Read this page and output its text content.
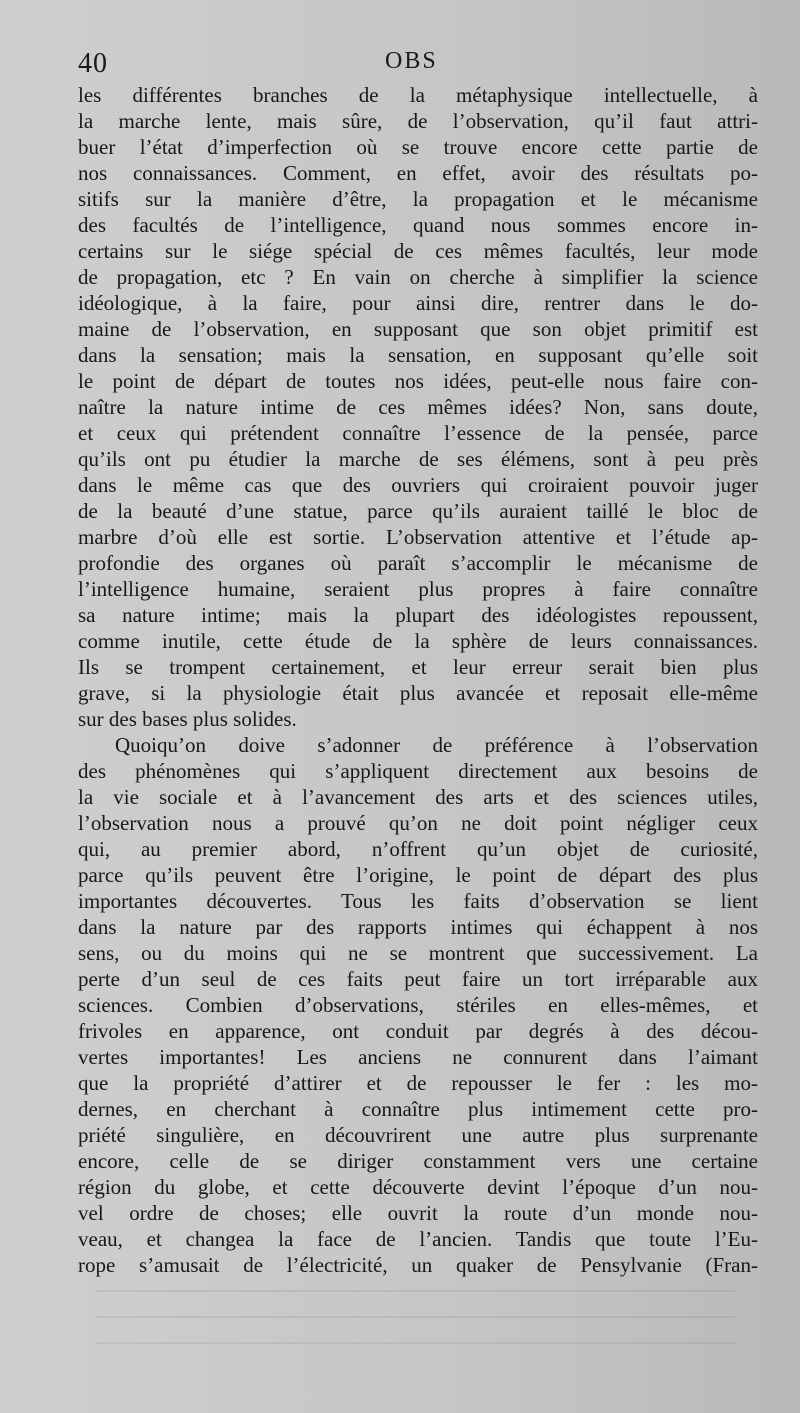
40	OBS
les différentes branches de la métaphysique intellectuelle, à
la marche lente, mais sûre, de l’observation, qu’il faut attri-
buer l’état d’imperfection où se trouve encore cette partie de
nos connaissances. Comment, en effet, avoir des résultats po-
sitifs sur la manière d’être, la propagation et le mécanisme
des facultés de l’intelligence, quand nous sommes encore in-
certains sur le siége spécial de ces mêmes facultés, leur mode
de propagation, etc ? En vain on cherche à simplifier la science
idéologique, à la faire, pour ainsi dire, rentrer dans le do-
maine de l’observation, en supposant que son objet primitif est
dans la sensation; mais la sensation, en supposant qu’elle soit
le point de départ de toutes nos idées, peut-elle nous faire con-
naître la nature intime de ces mêmes idées? Non, sans doute,
et ceux qui prétendent connaître l’essence de la pensée, parce
qu’ils ont pu étudier la marche de ses élémens, sont à peu près
dans le même cas que des ouvriers qui croiraient pouvoir juger
de la beauté d’une statue, parce qu’ils auraient taillé le bloc de
marbre d’où elle est sortie. L’observation attentive et l’étude ap-
profondie des organes où paraît s’accomplir le mécanisme de
l’intelligence humaine, seraient plus propres à faire connaître
sa nature intime; mais la plupart des idéologistes repoussent,
comme inutile, cette étude de la sphère de leurs connaissances.
Ils se trompent certainement, et leur erreur serait bien plus
grave, si la physiologie était plus avancée et reposait elle-même
sur des bases plus solides.
Quoiqu’on doive s’adonner de préférence à l’observation
des phénomènes qui s’appliquent directement aux besoins de
la vie sociale et à l’avancement des arts et des sciences utiles,
l’observation nous a prouvé qu’on ne doit point négliger ceux
qui, au premier abord, n’offrent qu’un objet de curiosité,
parce qu’ils peuvent être l’origine, le point de départ des plus
importantes découvertes. Tous les faits d’observation se lient
dans la nature par des rapports intimes qui échappent à nos
sens, ou du moins qui ne se montrent que successivement. La
perte d’un seul de ces faits peut faire un tort irréparable aux
sciences. Combien d’observations, stériles en elles-mêmes, et
frivoles en apparence, ont conduit par degrés à des décou-
vertes importantes! Les anciens ne connurent dans l’aimant
que la propriété d’attirer et de repousser le fer : les mo-
dernes, en cherchant à connaître plus intimement cette pro-
priété singulière, en découvrirent une autre plus surprenante
encore, celle de se diriger constamment vers une certaine
région du globe, et cette découverte devint l’époque d’un nou-
vel ordre de choses; elle ouvrit la route d’un monde nou-
veau, et changea la face de l’ancien. Tandis que toute l’Eu-
rope s’amusait de l’électricité, un quaker de Pensylvanie (Fran-
